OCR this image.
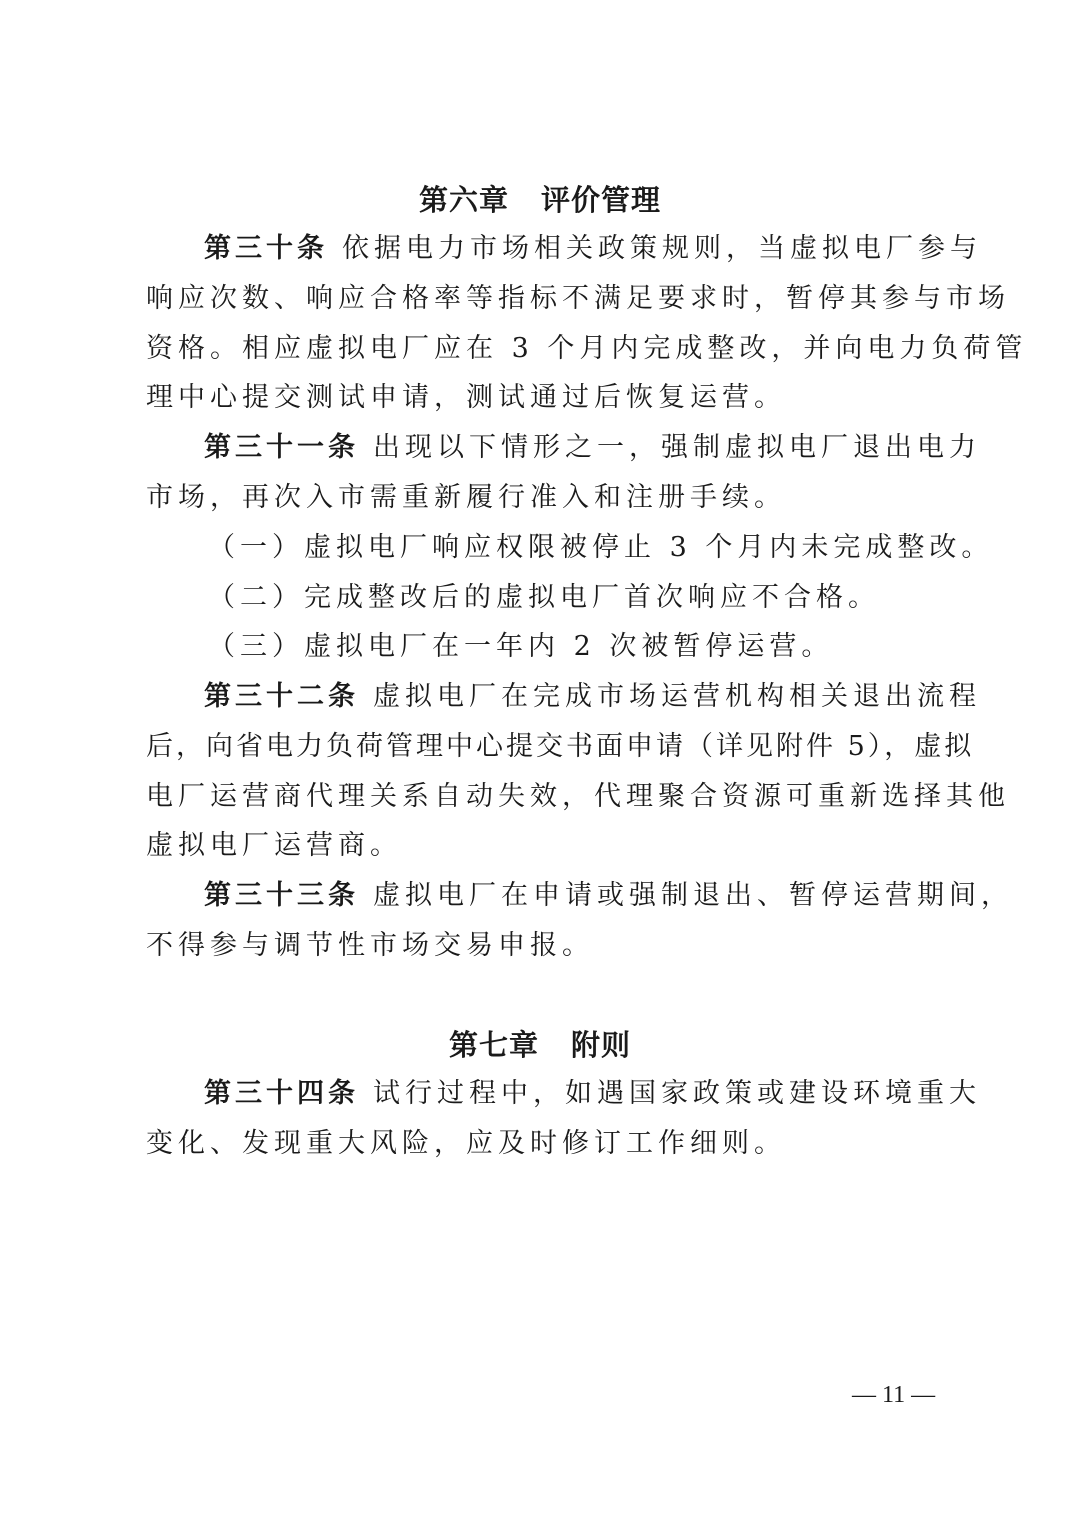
第六章 评价管理
第三十条 依据电力市场相关政策规则，当虚拟电厂参与
响应次数、响应合格率等指标不满足要求时，暂停其参与市场
资格。相应虚拟电厂应在 3 个月内完成整改，并向电力负荷管
理中心提交测试申请，测试通过后恢复运营。
第三十一条 出现以下情形之一，强制虚拟电厂退出电力
市场，再次入市需重新履行准入和注册手续。
（一）虚拟电厂响应权限被停止 3 个月内未完成整改。
（二）完成整改后的虚拟电厂首次响应不合格。
（三）虚拟电厂在一年内 2 次被暂停运营。
第三十二条 虚拟电厂在完成市场运营机构相关退出流程
后，向省电力负荷管理中心提交书面申请（详见附件 5），虚拟
电厂运营商代理关系自动失效，代理聚合资源可重新选择其他
虚拟电厂运营商。
第三十三条 虚拟电厂在申请或强制退出、暂停运营期间，
不得参与调节性市场交易申报。
第七章 附则
第三十四条 试行过程中，如遇国家政策或建设环境重大
变化、发现重大风险，应及时修订工作细则。
— 11 —
